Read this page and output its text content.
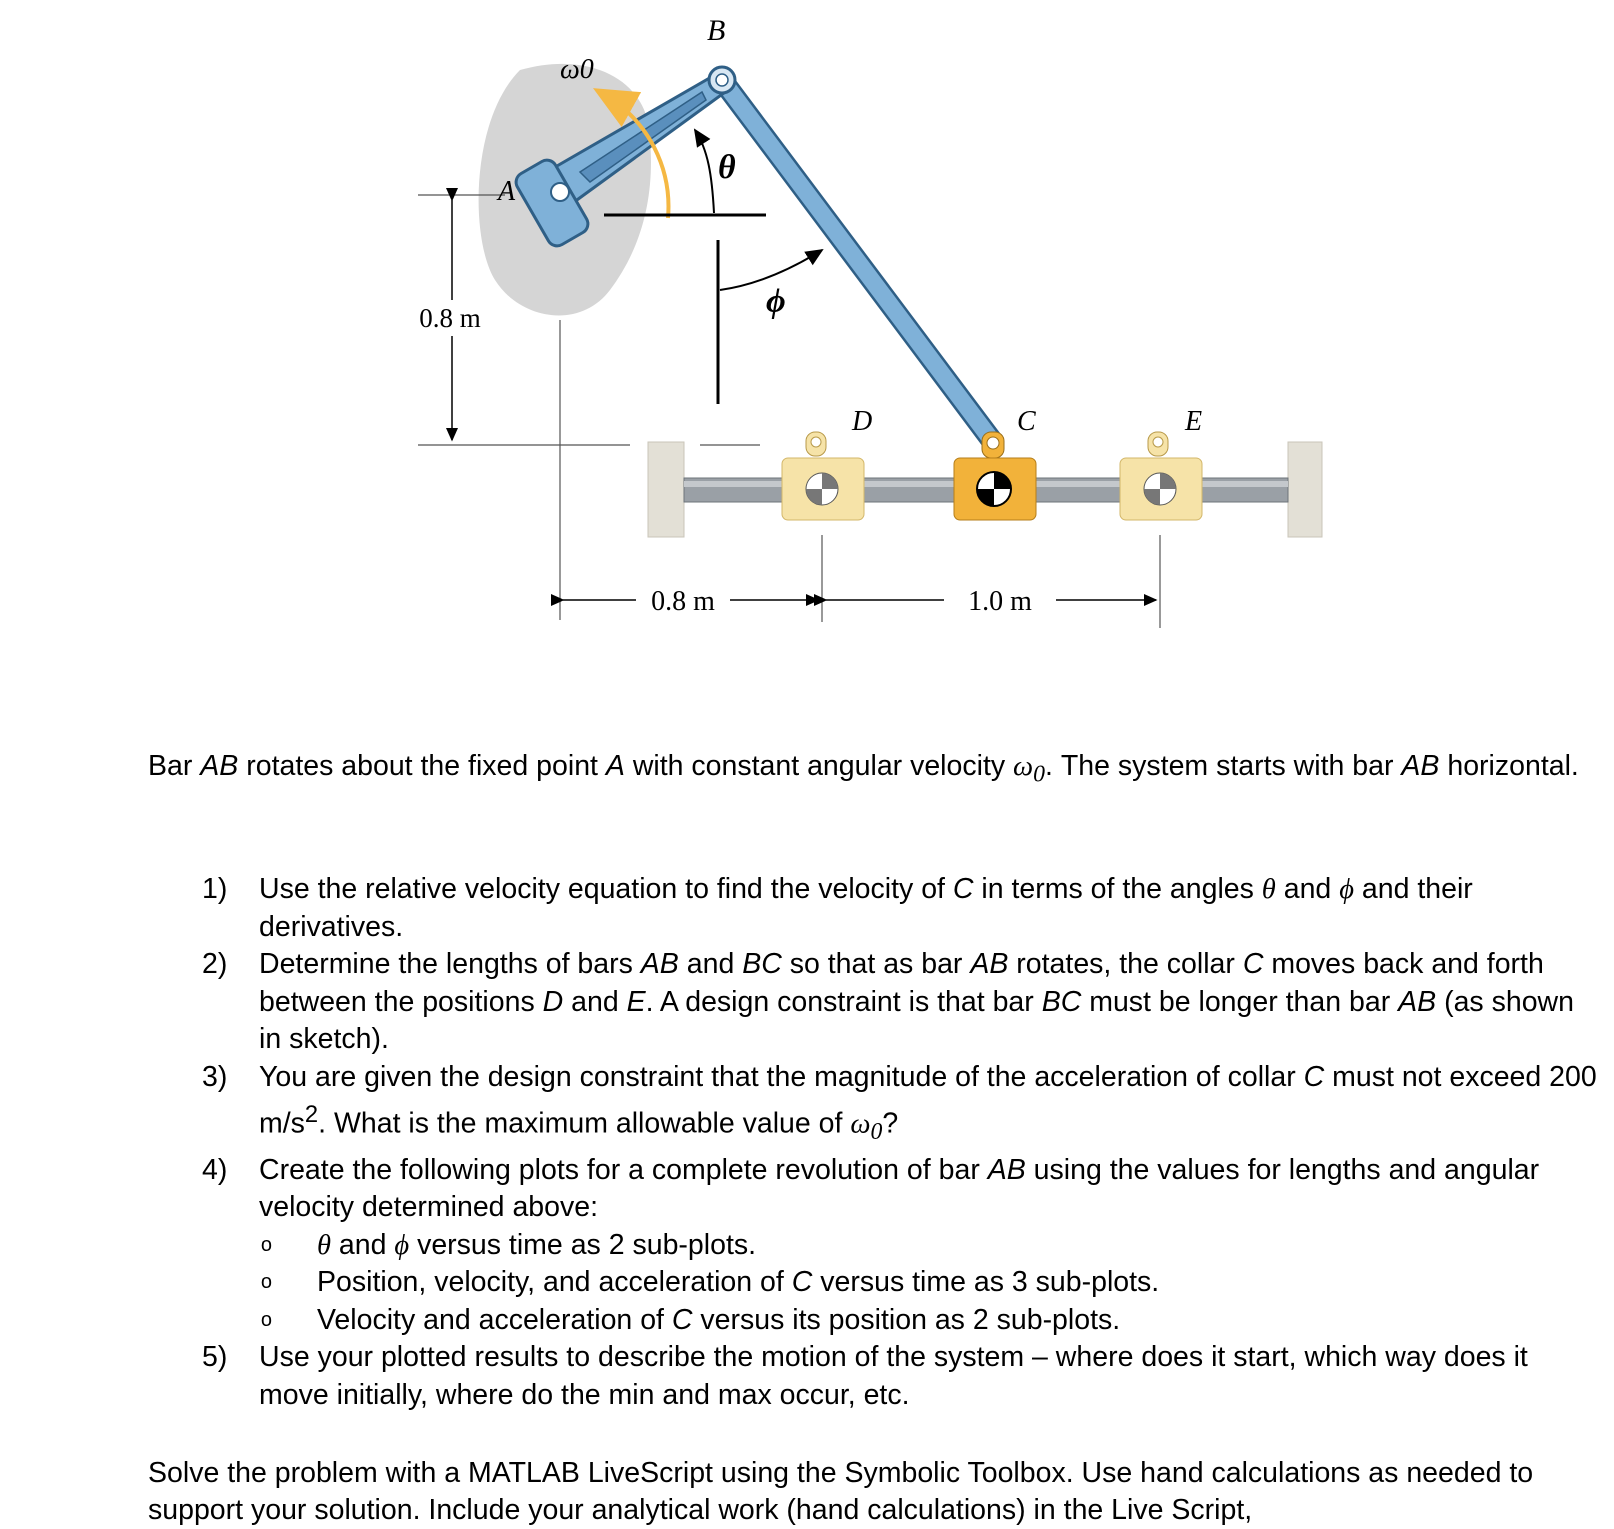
0.8 m
D	E
C
ω0
A
B
θ
ϕ
0.8 m	1.0 m
Bar AB rotates about the fixed point A with constant angular velocity $\omega_0$. The system starts with bar AB horizontal.
1)	Use the relative velocity equation to find the velocity of C in terms of the angles θ and ϕ and their derivatives.
2)	Determine the lengths of bars AB and BC so that as bar AB rotates, the collar C moves back and forth between the positions D and E. A design constraint is that bar BC must be longer than bar AB (as shown in sketch).
3)	You are given the design constraint that the magnitude of the acceleration of collar C must not exceed 200 $m/s^2$. What is the maximum allowable value of $\omega_0$?
4)	Create the following plots for a complete revolution of bar AB using the values for lengths and angular velocity determined above:
o	θ and ϕ versus time as 2 sub-plots.
o	Position, velocity, and acceleration of C versus time as 3 sub-plots.
o	Velocity and acceleration of C versus its position as 2 sub-plots.
5)	Use your plotted results to describe the motion of the system – where does it start, which way does it move initially, where do the min and max occur, etc.
Solve the problem with a MATLAB LiveScript using the Symbolic Toolbox. Use hand calculations as needed to support your solution. Include your analytical work (hand calculations) in the Live Script,
